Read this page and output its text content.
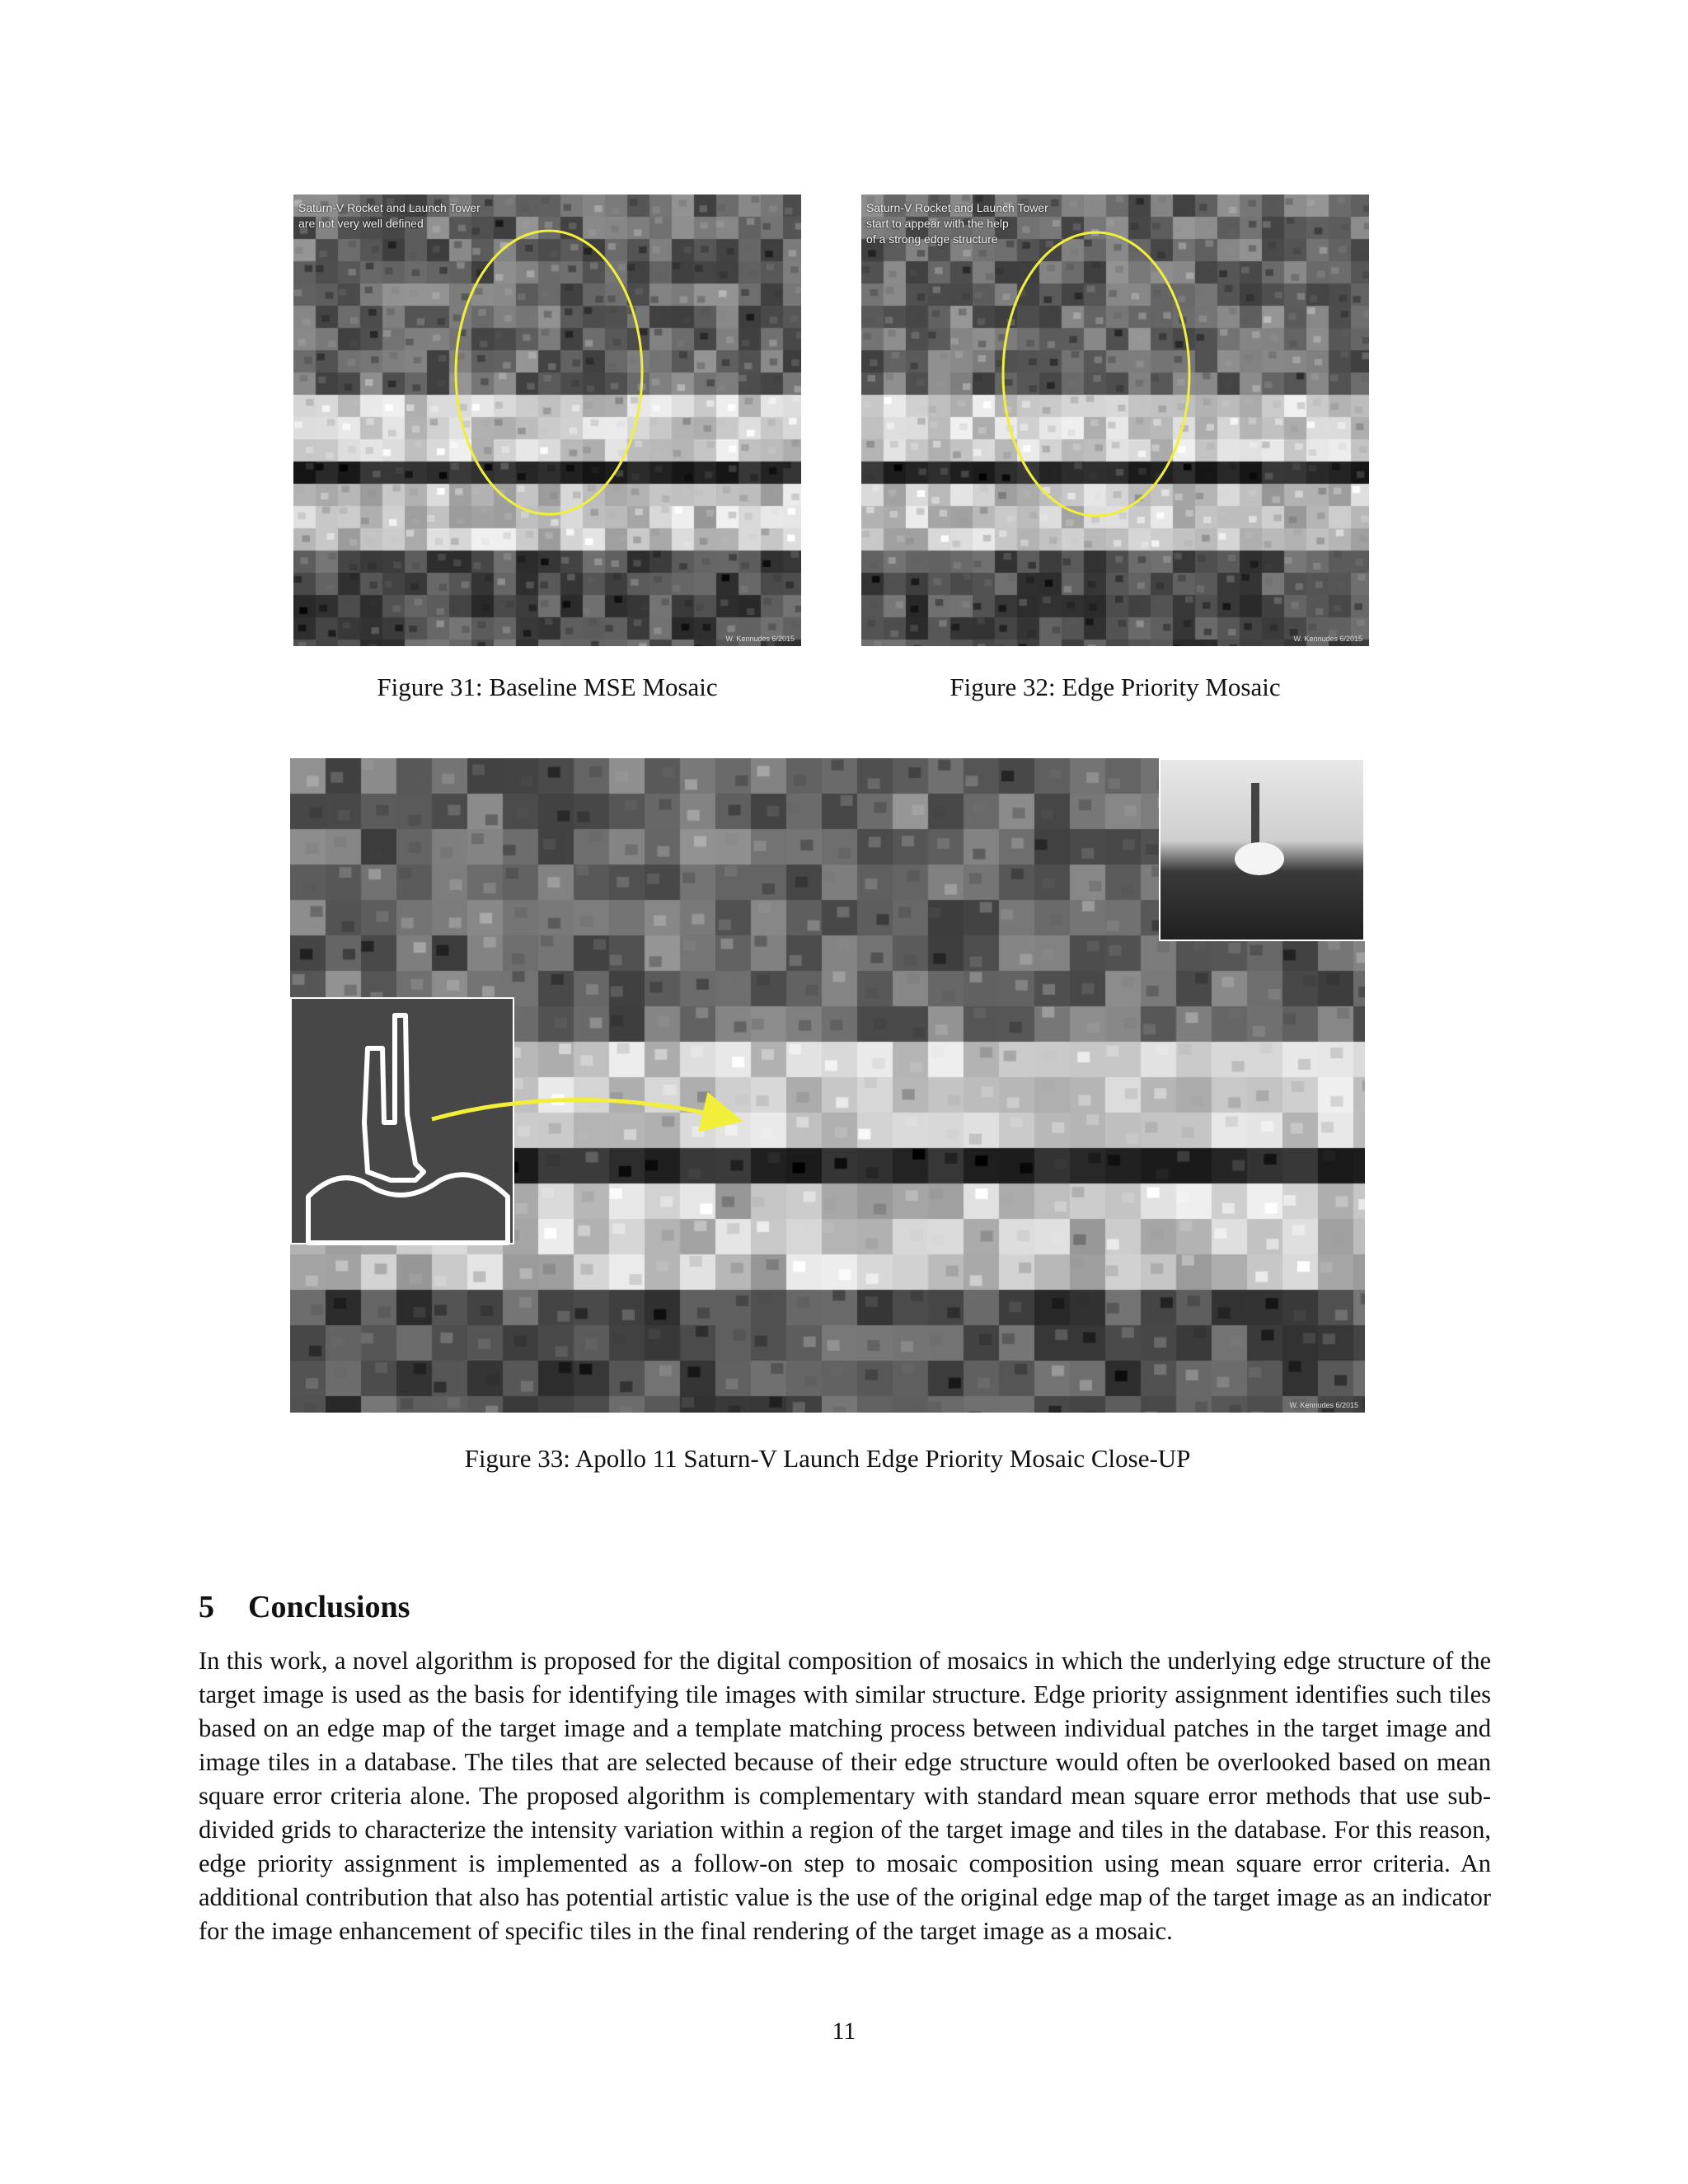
Saturn-V Rocket and Launch Tower
are not very well defined
W. Kennudes 6/2015
Figure 31: Baseline MSE Mosaic
Saturn-V Rocket and Launch Tower
start to appear with the help
of a strong edge structure
W. Kennudes 6/2015
Figure 32: Edge Priority Mosaic
W. Kennudes 6/2015
Figure 33: Apollo 11 Saturn-V Launch Edge Priority Mosaic Close-UP
5 Conclusions
In this work, a novel algorithm is proposed for the digital composition of mosaics in which the underlying edge structure of the target image is used as the basis for identifying tile images with similar structure. Edge priority assignment identifies such tiles based on an edge map of the target image and a template matching process between individual patches in the target image and image tiles in a database. The tiles that are selected because of their edge structure would often be overlooked based on mean square error criteria alone. The proposed algorithm is complementary with standard mean square error methods that use sub-divided grids to characterize the intensity variation within a region of the target image and tiles in the database. For this reason, edge priority assignment is implemented as a follow-on step to mosaic composition using mean square error criteria. An additional contribution that also has potential artistic value is the use of the original edge map of the target image as an indicator for the image enhancement of specific tiles in the final rendering of the target image as a mosaic.
11
